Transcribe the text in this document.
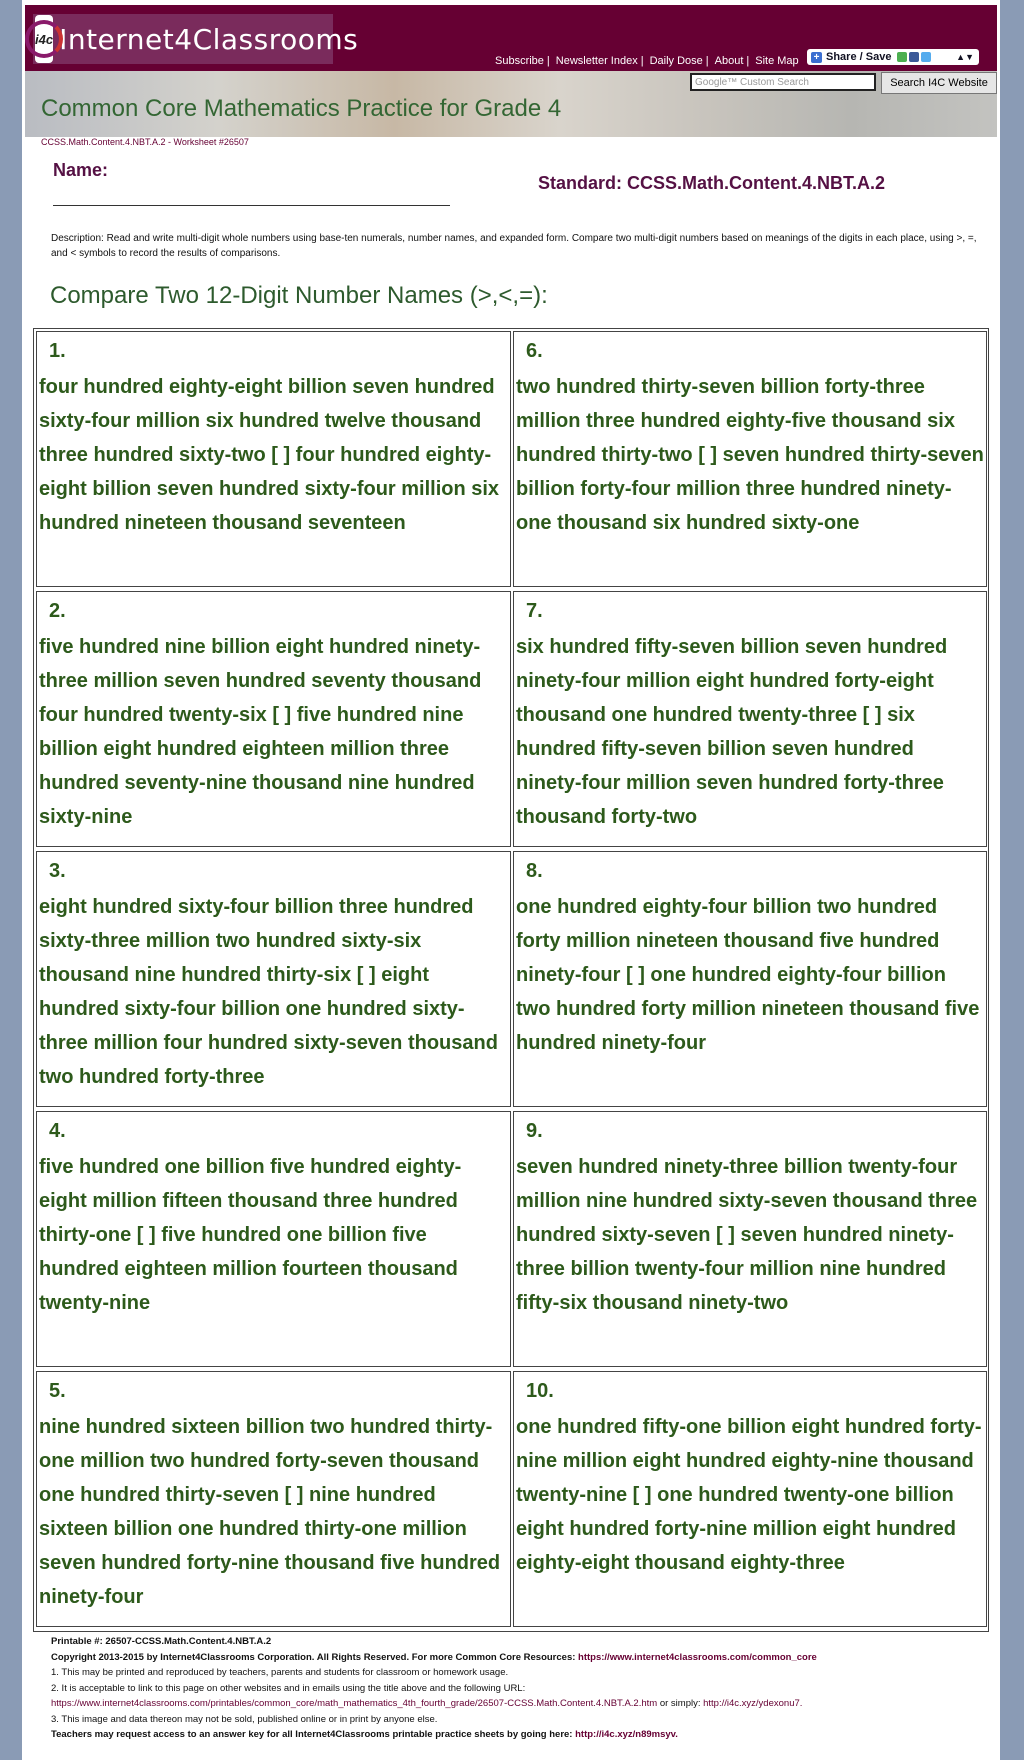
i4c Internet4Classrooms
Subscribe | Newsletter Index | Daily Dose | About | Site Map + Share / Save	▲▼
Google™ Custom Search	Search I4C Website
Common Core Mathematics Practice for Grade 4
CCSS.Math.Content.4.NBT.A.2 - Worksheet #26507
Name:
Standard: CCSS.Math.Content.4.NBT.A.2
Description: Read and write multi-digit whole numbers using base-ten numerals, number names, and expanded form. Compare two multi-digit numbers based on meanings of the digits in each place, using >, =, and < symbols to record the results of comparisons.
Compare Two 12-Digit Number Names (>,<,=):
1.
four hundred eighty-eight billion seven hundred sixty-four million six hundred twelve thousand three hundred sixty-two [ ] four hundred eighty-eight billion seven hundred sixty-four million six hundred nineteen thousand seventeen
6.
two hundred thirty-seven billion forty-three million three hundred eighty-five thousand six hundred thirty-two [ ] seven hundred thirty-seven billion forty-four million three hundred ninety-one thousand six hundred sixty-one
2.
five hundred nine billion eight hundred ninety-three million seven hundred seventy thousand four hundred twenty-six [ ] five hundred nine billion eight hundred eighteen million three hundred seventy-nine thousand nine hundred sixty-nine
7.
six hundred fifty-seven billion seven hundred ninety-four million eight hundred forty-eight thousand one hundred twenty-three [ ] six hundred fifty-seven billion seven hundred ninety-four million seven hundred forty-three thousand forty-two
3.
eight hundred sixty-four billion three hundred sixty-three million two hundred sixty-six thousand nine hundred thirty-six [ ] eight hundred sixty-four billion one hundred sixty-three million four hundred sixty-seven thousand two hundred forty-three
8.
one hundred eighty-four billion two hundred forty million nineteen thousand five hundred ninety-four [ ] one hundred eighty-four billion two hundred forty million nineteen thousand five hundred ninety-four
4.
five hundred one billion five hundred eighty-eight million fifteen thousand three hundred thirty-one [ ] five hundred one billion five hundred eighteen million fourteen thousand twenty-nine
9.
seven hundred ninety-three billion twenty-four million nine hundred sixty-seven thousand three hundred sixty-seven [ ] seven hundred ninety-three billion twenty-four million nine hundred fifty-six thousand ninety-two
5.
nine hundred sixteen billion two hundred thirty-one million two hundred forty-seven thousand one hundred thirty-seven [ ] nine hundred sixteen billion one hundred thirty-one million seven hundred forty-nine thousand five hundred ninety-four
10.
one hundred fifty-one billion eight hundred forty-nine million eight hundred eighty-nine thousand twenty-nine [ ] one hundred twenty-one billion eight hundred forty-nine million eight hundred eighty-eight thousand eighty-three
Printable #: 26507-CCSS.Math.Content.4.NBT.A.2
Copyright 2013-2015 by Internet4Classrooms Corporation. All Rights Reserved. For more Common Core Resources: https://www.internet4classrooms.com/common_core
1. This may be printed and reproduced by teachers, parents and students for classroom or homework usage.
2. It is acceptable to link to this page on other websites and in emails using the title above and the following URL:
https://www.internet4classrooms.com/printables/common_core/math_mathematics_4th_fourth_grade/26507-CCSS.Math.Content.4.NBT.A.2.htm or simply: http://i4c.xyz/ydexonu7.
3. This image and data thereon may not be sold, published online or in print by anyone else.
Teachers may request access to an answer key for all Internet4Classrooms printable practice sheets by going here: http://i4c.xyz/n89msyv.
